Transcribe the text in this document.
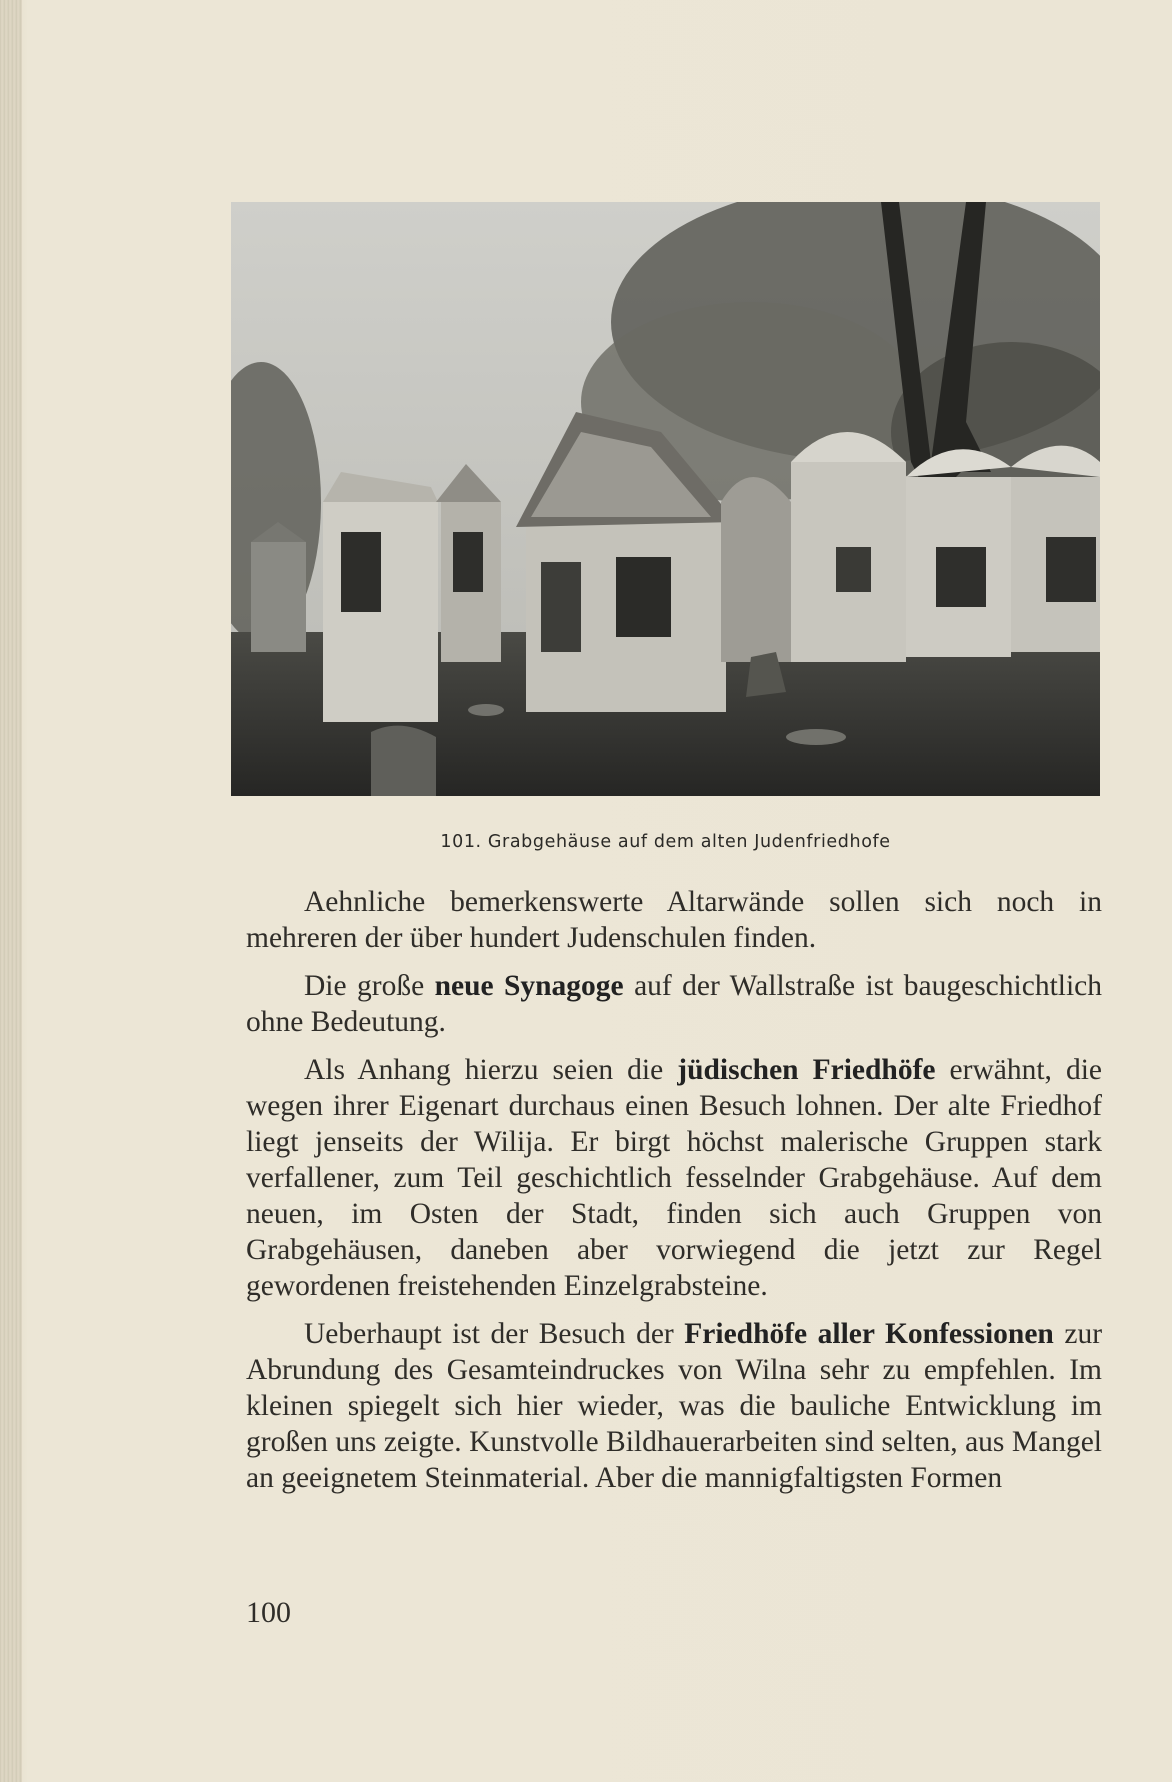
101. Grabgehäuse auf dem alten Judenfriedhofe

Aehnliche bemerkenswerte Altarwände sollen sich noch in mehreren der über hundert Judenschulen finden.

Die große neue Synagoge auf der Wallstraße ist baugeschichtlich ohne Bedeutung.

Als Anhang hierzu seien die jüdischen Friedhöfe erwähnt, die wegen ihrer Eigenart durchaus einen Besuch lohnen. Der alte Friedhof liegt jenseits der Wilija. Er birgt höchst malerische Gruppen stark verfallener, zum Teil geschichtlich fesselnder Grabgehäuse. Auf dem neuen, im Osten der Stadt, finden sich auch Gruppen von Grabgehäusen, daneben aber vorwiegend die jetzt zur Regel gewordenen freistehenden Einzelgrabsteine.

Ueberhaupt ist der Besuch der Friedhöfe aller Konfessionen zur Abrundung des Gesamteindruckes von Wilna sehr zu empfehlen. Im kleinen spiegelt sich hier wieder, was die bauliche Entwicklung im großen uns zeigte. Kunstvolle Bildhauerarbeiten sind selten, aus Mangel an geeignetem Steinmaterial. Aber die mannigfaltigsten Formen

100
